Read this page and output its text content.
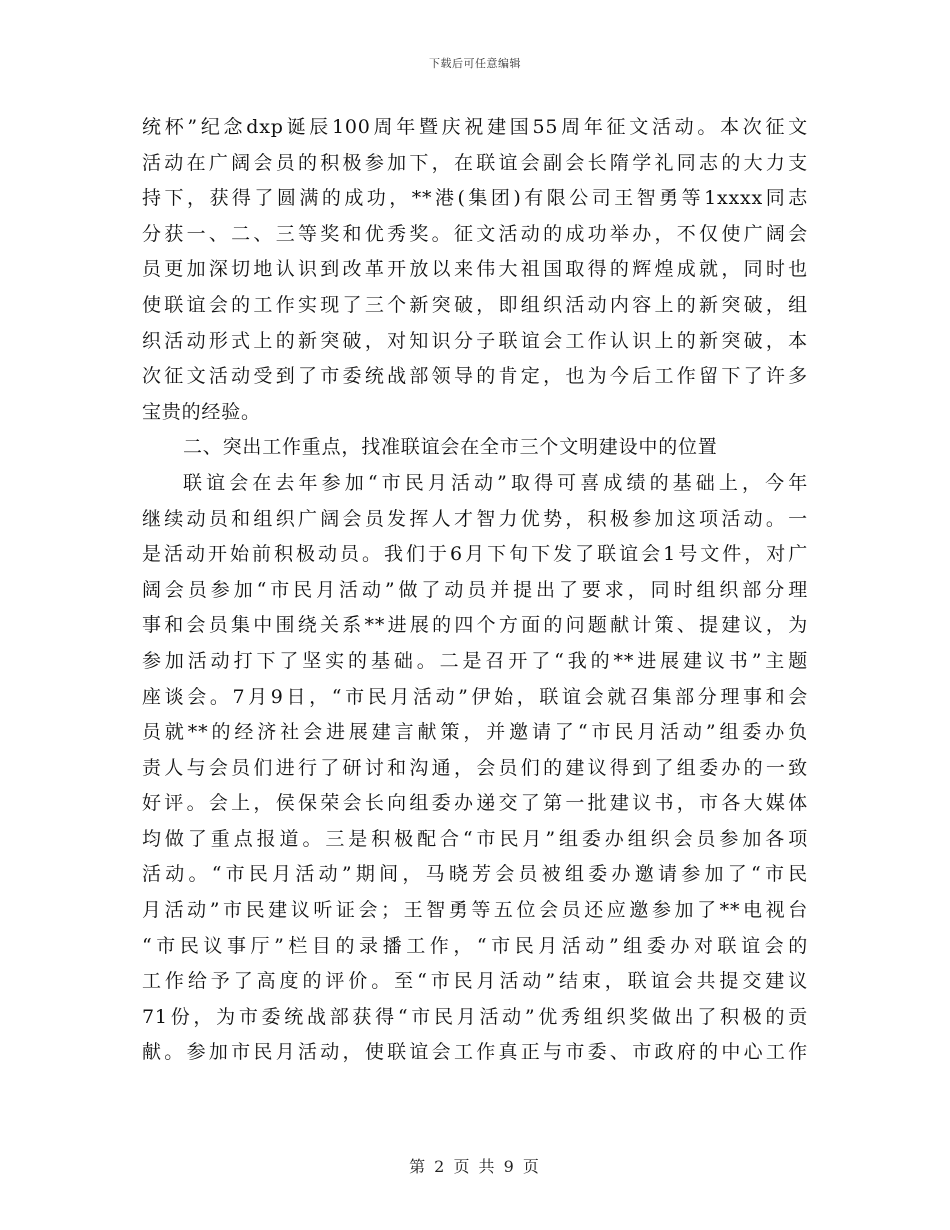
下载后可任意编辑
统杯”纪念dxp诞辰100周年暨庆祝建国55周年征文活动。本次征文
活动在广阔会员的积极参加下，在联谊会副会长隋学礼同志的大力支
持下，获得了圆满的成功，**港(集团)有限公司王智勇等1xxxx同志
分获一、二、三等奖和优秀奖。征文活动的成功举办，不仅使广阔会
员更加深切地认识到改革开放以来伟大祖国取得的辉煌成就，同时也
使联谊会的工作实现了三个新突破，即组织活动内容上的新突破，组
织活动形式上的新突破，对知识分子联谊会工作认识上的新突破，本
次征文活动受到了市委统战部领导的肯定，也为今后工作留下了许多
宝贵的经验。
二、突出工作重点，找准联谊会在全市三个文明建设中的位置
联谊会在去年参加“市民月活动”取得可喜成绩的基础上，今年
继续动员和组织广阔会员发挥人才智力优势，积极参加这项活动。一
是活动开始前积极动员。我们于6月下旬下发了联谊会1号文件，对广
阔会员参加“市民月活动”做了动员并提出了要求，同时组织部分理
事和会员集中围绕关系**进展的四个方面的问题献计策、提建议，为
参加活动打下了坚实的基础。二是召开了“我的**进展建议书”主题
座谈会。7月9日，“市民月活动”伊始，联谊会就召集部分理事和会
员就**的经济社会进展建言献策，并邀请了“市民月活动”组委办负
责人与会员们进行了研讨和沟通，会员们的建议得到了组委办的一致
好评。会上，侯保荣会长向组委办递交了第一批建议书，市各大媒体
均做了重点报道。三是积极配合“市民月”组委办组织会员参加各项
活动。“市民月活动”期间，马晓芳会员被组委办邀请参加了“市民
月活动”市民建议听证会；王智勇等五位会员还应邀参加了**电视台
“市民议事厅”栏目的录播工作，“市民月活动”组委办对联谊会的
工作给予了高度的评价。至“市民月活动”结束，联谊会共提交建议
71份，为市委统战部获得“市民月活动”优秀组织奖做出了积极的贡
献。参加市民月活动，使联谊会工作真正与市委、市政府的中心工作
第 2 页 共 9 页
